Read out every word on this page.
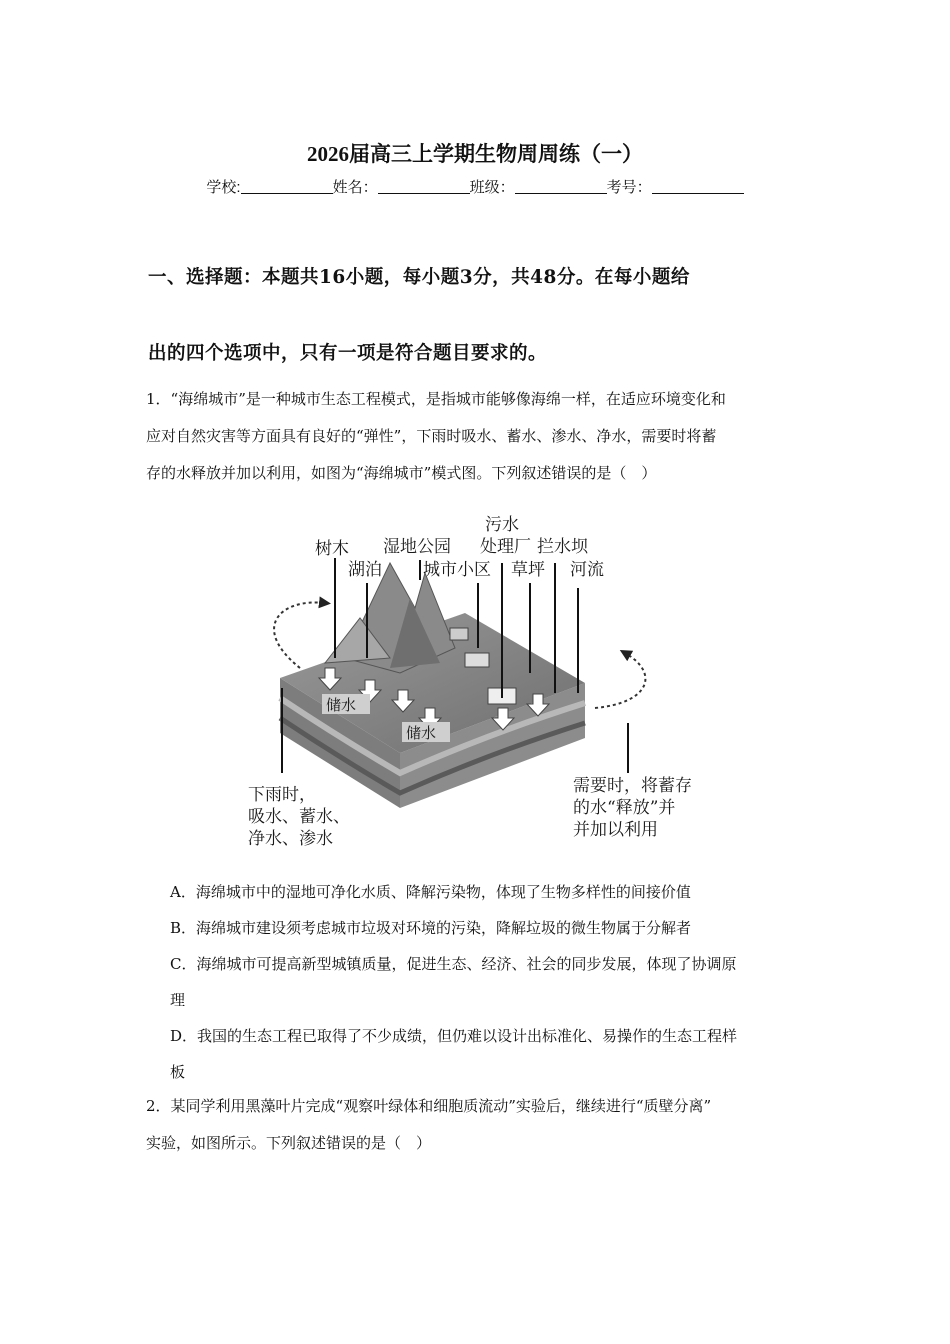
2026届高三上学期生物周周练（一）
学校:	姓名：	班级：	考号：
一、选择题：本题共16小题，每小题3分，共48分。在每小题给
出的四个选项中，只有一项是符合题目要求的。
1．“海绵城市”是一种城市生态工程模式，是指城市能够像海绵一样，在适应环境变化和
应对自然灾害等方面具有良好的“弹性”，下雨时吸水、蓄水、渗水、净水，需要时将蓄
存的水释放并加以利用，如图为“海绵城市”模式图。下列叙述错误的是（　）
储水
储水
树木 湿地公园
污水
处理厂 拦水坝
湖泊 城市小区 草坪 河流
下雨时，
吸水、蓄水、
净水、渗水
需要时，将蓄存
的水“释放”并
并加以利用
A．海绵城市中的湿地可净化水质、降解污染物，体现了生物多样性的间接价值
B．海绵城市建设须考虑城市垃圾对环境的污染，降解垃圾的微生物属于分解者
C．海绵城市可提高新型城镇质量，促进生态、经济、社会的同步发展，体现了协调原
理
D．我国的生态工程已取得了不少成绩，但仍难以设计出标准化、易操作的生态工程样
板
2．某同学利用黑藻叶片完成“观察叶绿体和细胞质流动”实验后，继续进行“质壁分离”
实验，如图所示。下列叙述错误的是（　）
